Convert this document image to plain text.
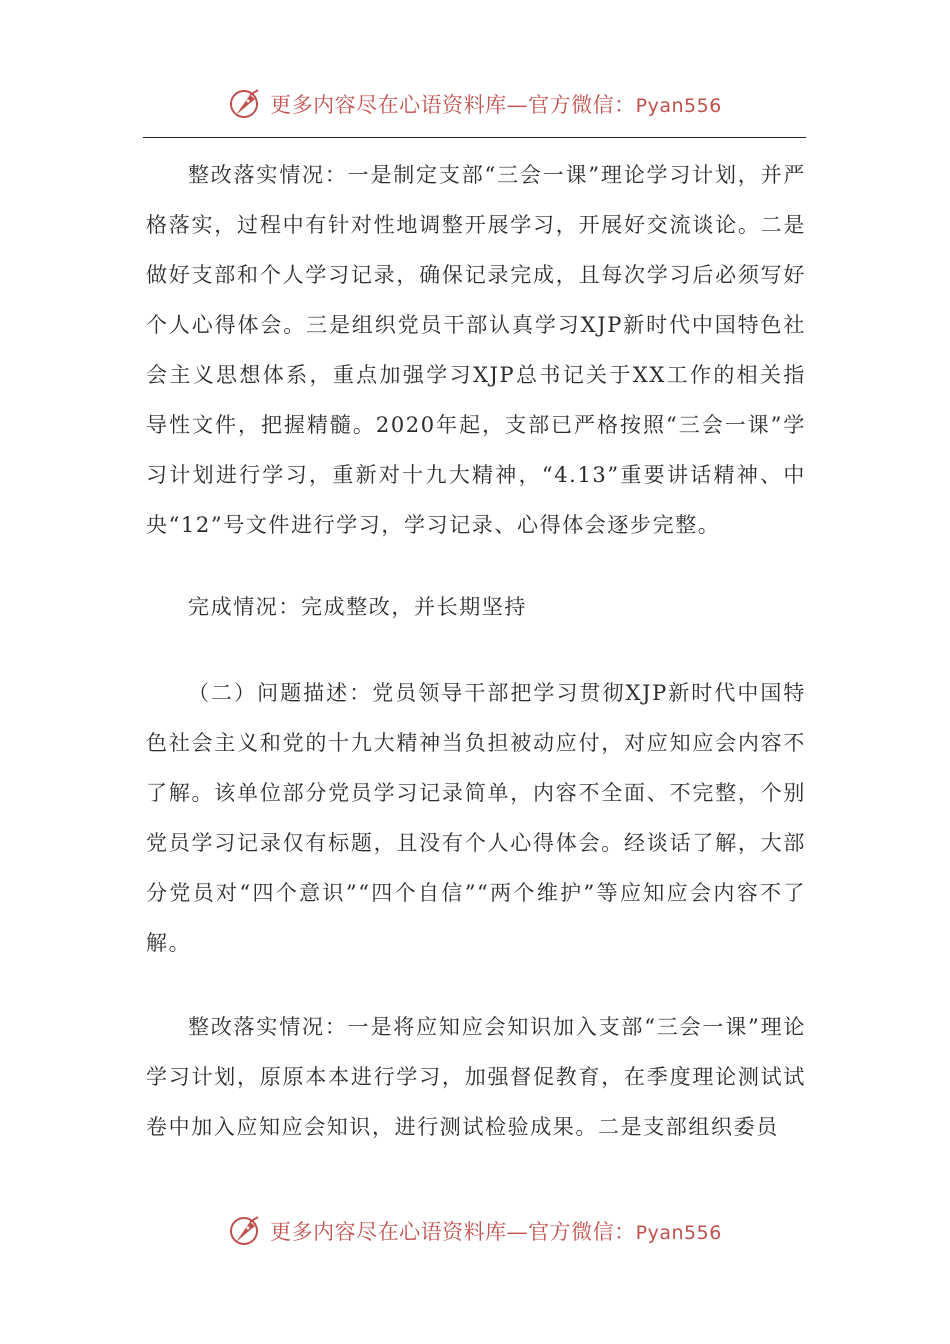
更多内容尽在心语资料库—官方微信：Pyan556

整改落实情况：一是制定支部“三会一课”理论学习计划，并严格落实，过程中有针对性地调整开展学习，开展好交流谈论。二是做好支部和个人学习记录，确保记录完成，且每次学习后必须写好个人心得体会。三是组织党员干部认真学习XJP新时代中国特色社会主义思想体系，重点加强学习XJP总书记关于XX工作的相关指导性文件，把握精髓。2020年起，支部已严格按照“三会一课”学习计划进行学习，重新对十九大精神，“4.13”重要讲话精神、中央“12”号文件进行学习，学习记录、心得体会逐步完整。

完成情况：完成整改，并长期坚持

（二）问题描述：党员领导干部把学习贯彻XJP新时代中国特色社会主义和党的十九大精神当负担被动应付，对应知应会内容不了解。该单位部分党员学习记录简单，内容不全面、不完整，个别党员学习记录仅有标题，且没有个人心得体会。经谈话了解，大部分党员对“四个意识”“四个自信”“两个维护”等应知应会内容不了解。

整改落实情况：一是将应知应会知识加入支部“三会一课”理论学习计划，原原本本进行学习，加强督促教育，在季度理论测试试卷中加入应知应会知识，进行测试检验成果。二是支部组织委员

更多内容尽在心语资料库—官方微信：Pyan556
